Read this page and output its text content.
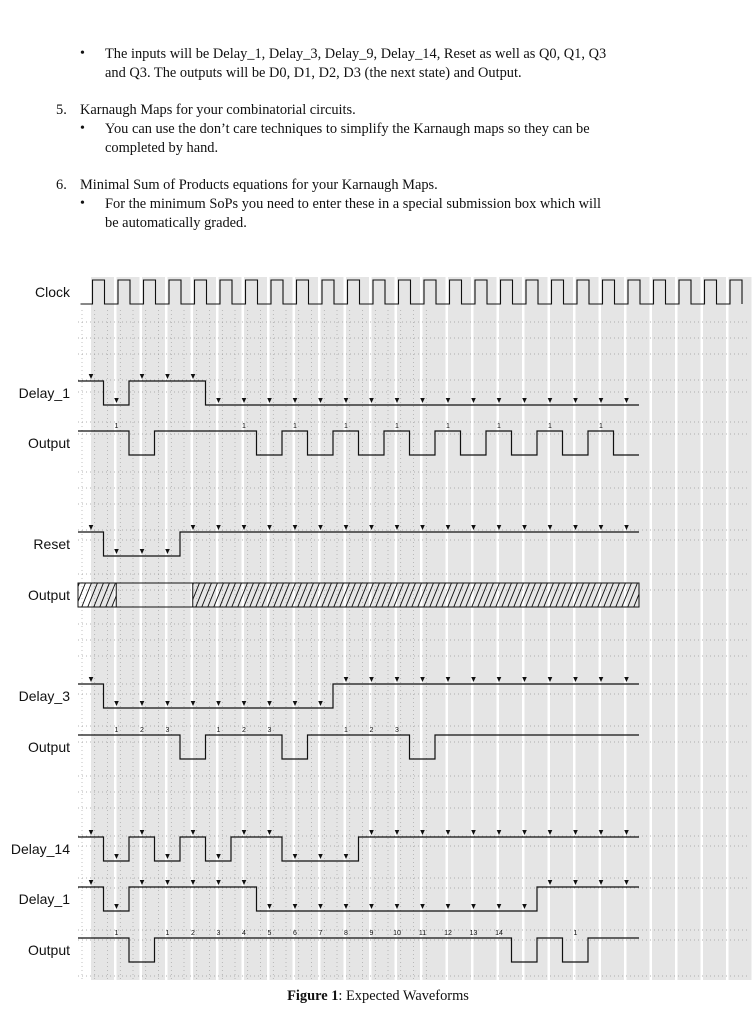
• The inputs will be Delay_1, Delay_3, Delay_9, Delay_14, Reset as well as Q0, Q1, Q3
and Q3. The outputs will be D0, D1, D2, D3 (the next state) and Output.
5. Karnaugh Maps for your combinatorial circuits.
• You can use the don’t care techniques to simplify the Karnaugh maps so they can be
completed by hand.
6. Minimal Sum of Products equations for your Karnaugh Maps.
• For the minimum SoPs you need to enter these in a special submission box which will
be automatically graded.
Delay_1
Output
1	1	1	1	1	1	1	1	1
Reset
Output
Delay_3
Output
1	2	3	1	2	3	1	2	3
Delay_14
Delay_1
Output
1	1	2	3	4	5	6	7	8	9	10	11	12	13	14	1
Clock
Figure 1: Expected Waveforms
